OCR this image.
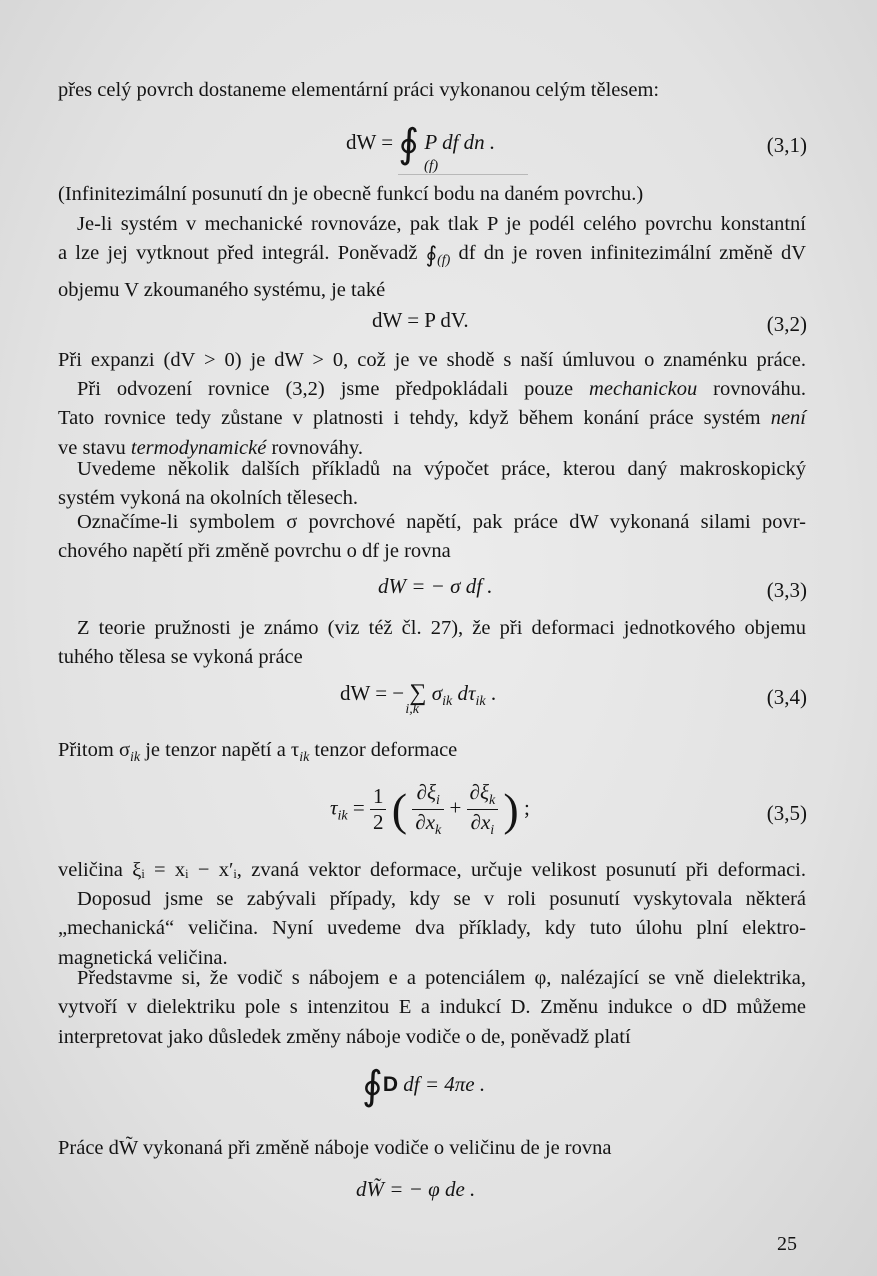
přes celý povrch dostaneme elementární práci vykonanou celým tělesem:

dW = ∮ P df dn .
(f)
(3,1)

(Infinitezimální posunutí dn je obecně funkcí bodu na daném povrchu.)

Je-li systém v mechanické rovnováze, pak tlak P je podél celého povrchu konstantní
a lze jej vytknout před integrál. Poněvadž $∮_{(f)}$ df dn je roven infinitezimální změně dV
objemu V zkoumaného systému, je také

dW = P dV.	(3,2)

Při expanzi (dV > 0) je dW > 0, což je ve shodě s naší úmluvou o znaménku práce.

Při odvození rovnice (3,2) jsme předpokládali pouze mechanickou rovnováhu.
Tato rovnice tedy zůstane v platnosti i tehdy, když během konání práce systém není
ve stavu termodynamické rovnováhy.

Uvedeme několik dalších příkladů na výpočet práce, kterou daný makroskopický
systém vykoná na okolních tělesech.

Označíme-li symbolem σ povrchové napětí, pak práce dW vykonaná silami povr-
chového napětí při změně povrchu o df je rovna

dW = − σ df .	(3,3)

Z teorie pružnosti je známo (viz též čl. 27), že při deformaci jednotkového objemu
tuhého tělesa se vykoná práce

dW = − ∑
i,k
$\sigma_{ik}$ $d\tau_{ik}$ .	(3,4)

Přitom $\sigma_{ik}$ je tenzor napětí a $\tau_{ik}$ tenzor deformace

$\tau_{ik} = \frac{1}{2}$ ( $\frac{\partial\xi_i}{\partial x_k} + \frac{\partial\xi_k}{\partial x_i}$ ) ;	(3,5)

veličina ξᵢ = xᵢ − x′ᵢ, zvaná vektor deformace, určuje velikost posunutí při deformaci.

Doposud jsme se zabývali případy, kdy se v roli posunutí vyskytovala některá
„mechanická“ veličina. Nyní uvedeme dva příklady, kdy tuto úlohu plní elektro-
magnetická veličina.

Představme si, že vodič s nábojem e a potenciálem φ, nalézající se vně dielektrika,
vytvoří v dielektriku pole s intenzitou E a indukcí D. Změnu indukce o dD můžeme
interpretovat jako důsledek změny náboje vodiče o de, poněvadž platí

∮D df = 4πe .

Práce dW̃ vykonaná při změně náboje vodiče o veličinu de je rovna

dW̃ = − φ de .
25
